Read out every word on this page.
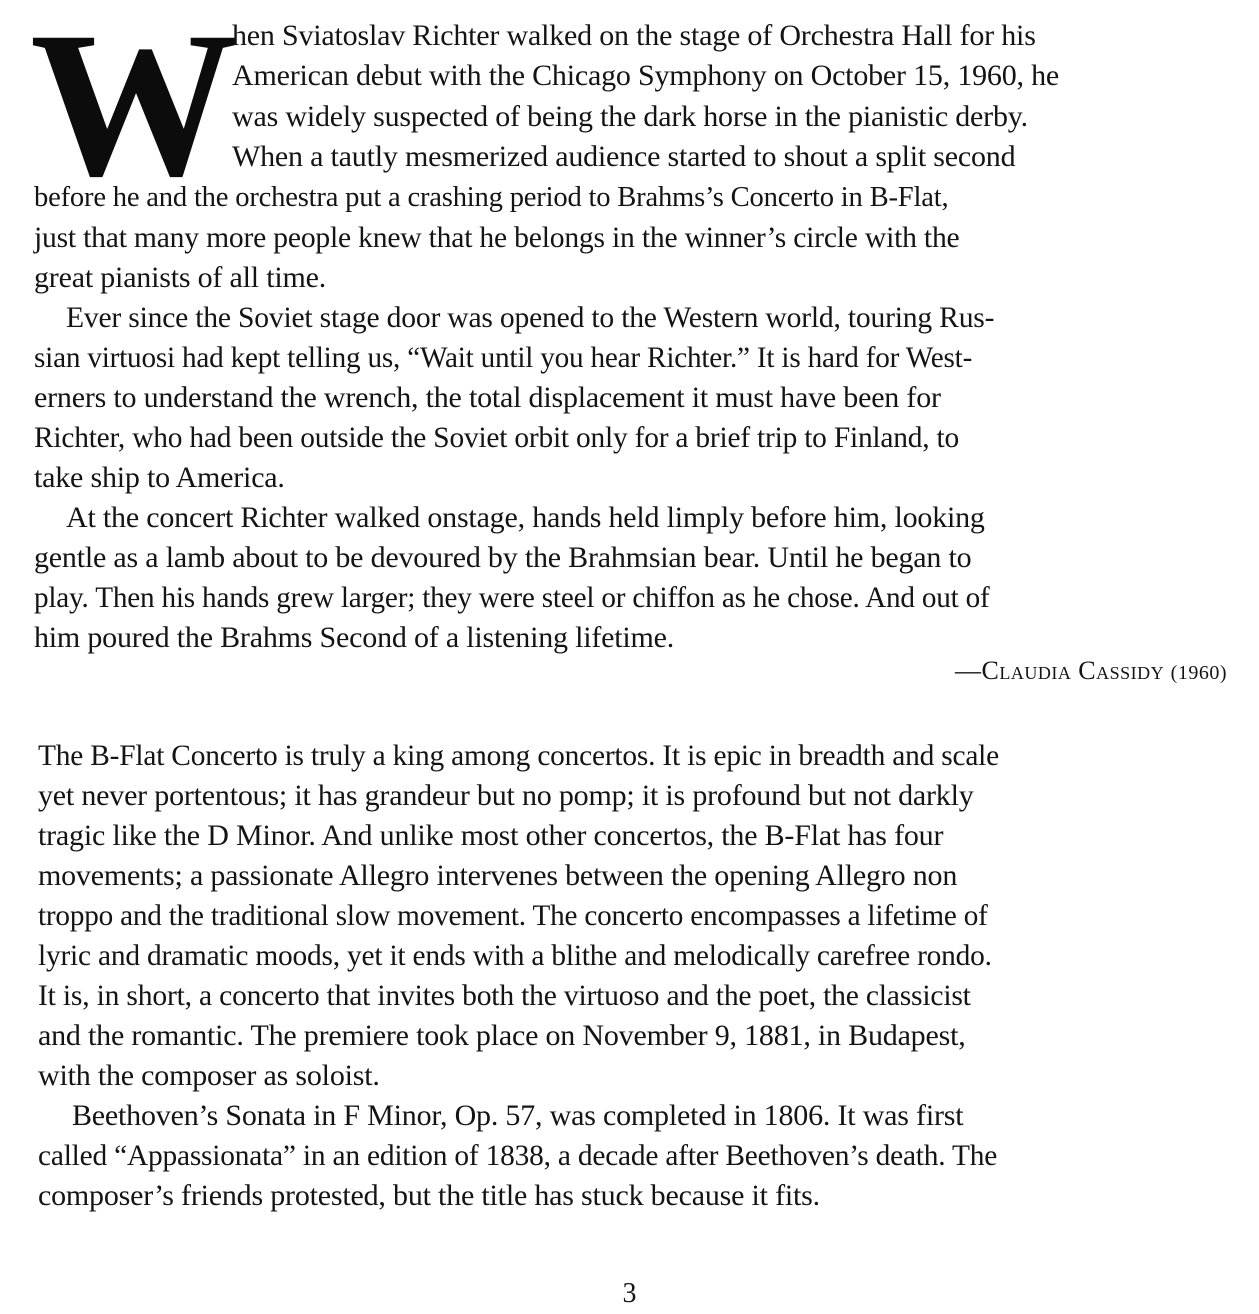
W hen Sviatoslav Richter walked on the stage of Orchestra Hall for his
American debut with the Chicago Symphony on October 15, 1960, he
was widely suspected of being the dark horse in the pianistic derby.
When a tautly mesmerized audience started to shout a split second
before he and the orchestra put a crashing period to Brahms’s Concerto in B-Flat,
just that many more people knew that he belongs in the winner’s circle with the
great pianists of all time.
Ever since the Soviet stage door was opened to the Western world, touring Rus-
sian virtuosi had kept telling us, “Wait until you hear Richter.” It is hard for West-
erners to understand the wrench, the total displacement it must have been for
Richter, who had been outside the Soviet orbit only for a brief trip to Finland, to
take ship to America.
At the concert Richter walked onstage, hands held limply before him, looking
gentle as a lamb about to be devoured by the Brahmsian bear. Until he began to
play. Then his hands grew larger; they were steel or chiffon as he chose. And out of
him poured the Brahms Second of a listening lifetime.
—Claudia Cassidy (1960)
The B-Flat Concerto is truly a king among concertos. It is epic in breadth and scale
yet never portentous; it has grandeur but no pomp; it is profound but not darkly
tragic like the D Minor. And unlike most other concertos, the B-Flat has four
movements; a passionate Allegro intervenes between the opening Allegro non
troppo and the traditional slow movement. The concerto encompasses a lifetime of
lyric and dramatic moods, yet it ends with a blithe and melodically carefree rondo.
It is, in short, a concerto that invites both the virtuoso and the poet, the classicist
and the romantic. The premiere took place on November 9, 1881, in Budapest,
with the composer as soloist.
Beethoven’s Sonata in F Minor, Op. 57, was completed in 1806. It was first
called “Appassionata” in an edition of 1838, a decade after Beethoven’s death. The
composer’s friends protested, but the title has stuck because it fits.
3
